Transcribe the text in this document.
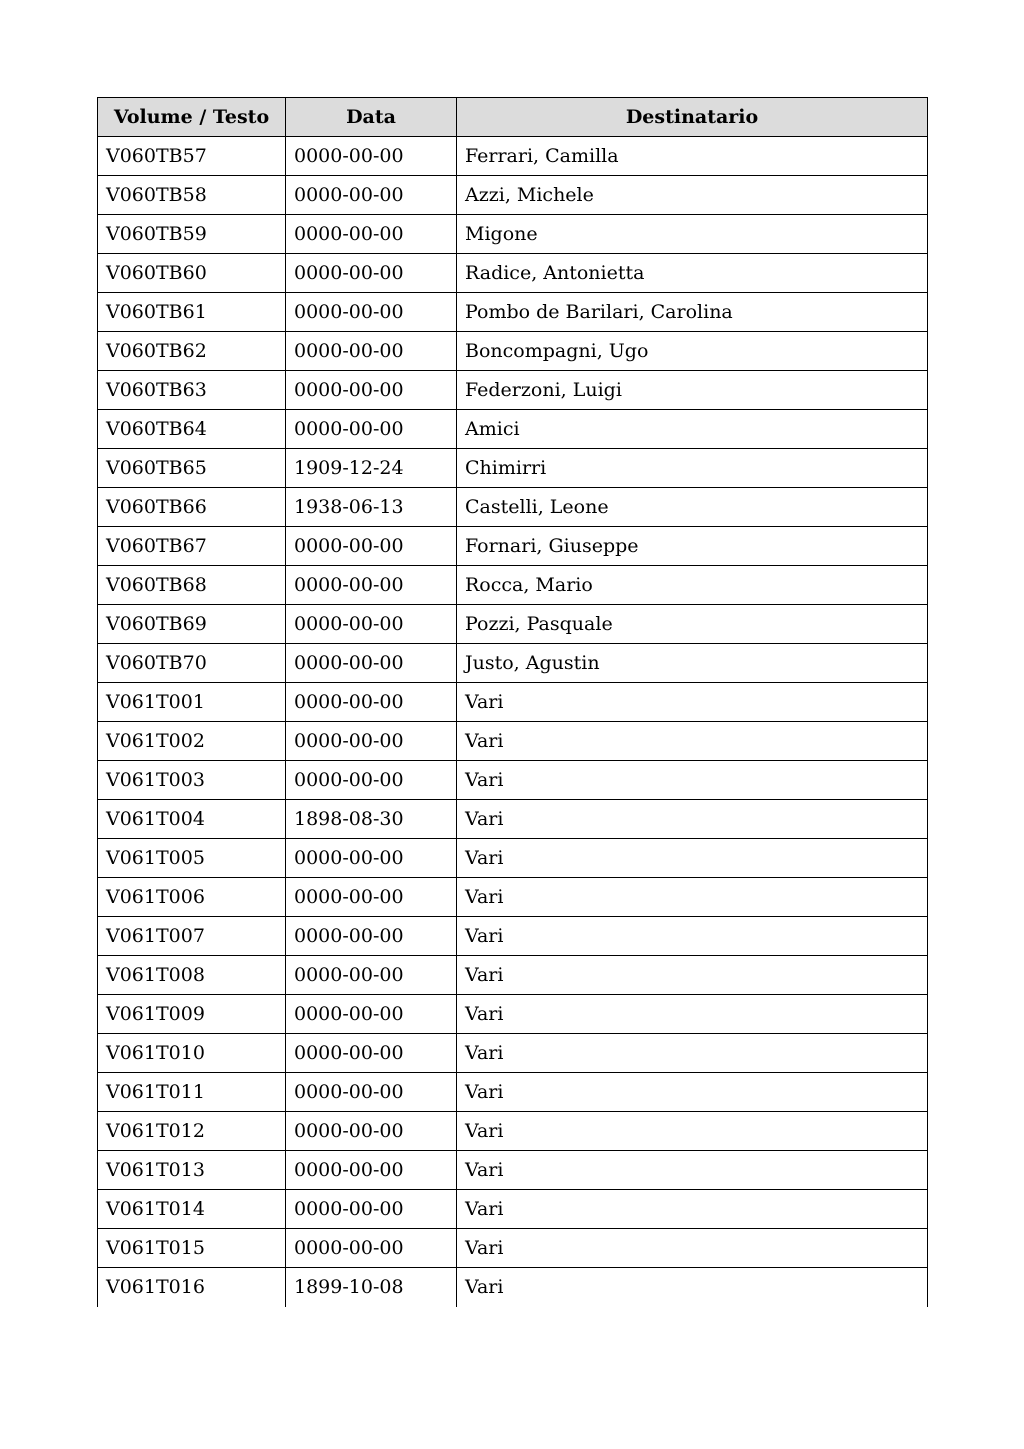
Volume / Testo	Data	Destinatario
V060TB57	0000-00-00	Ferrari, Camilla
V060TB58	0000-00-00	Azzi, Michele
V060TB59	0000-00-00	Migone
V060TB60	0000-00-00	Radice, Antonietta
V060TB61	0000-00-00	Pombo de Barilari, Carolina
V060TB62	0000-00-00	Boncompagni, Ugo
V060TB63	0000-00-00	Federzoni, Luigi
V060TB64	0000-00-00	Amici
V060TB65	1909-12-24	Chimirri
V060TB66	1938-06-13	Castelli, Leone
V060TB67	0000-00-00	Fornari, Giuseppe
V060TB68	0000-00-00	Rocca, Mario
V060TB69	0000-00-00	Pozzi, Pasquale
V060TB70	0000-00-00	Justo, Agustin
V061T001	0000-00-00	Vari
V061T002	0000-00-00	Vari
V061T003	0000-00-00	Vari
V061T004	1898-08-30	Vari
V061T005	0000-00-00	Vari
V061T006	0000-00-00	Vari
V061T007	0000-00-00	Vari
V061T008	0000-00-00	Vari
V061T009	0000-00-00	Vari
V061T010	0000-00-00	Vari
V061T011	0000-00-00	Vari
V061T012	0000-00-00	Vari
V061T013	0000-00-00	Vari
V061T014	0000-00-00	Vari
V061T015	0000-00-00	Vari
V061T016	1899-10-08	Vari
